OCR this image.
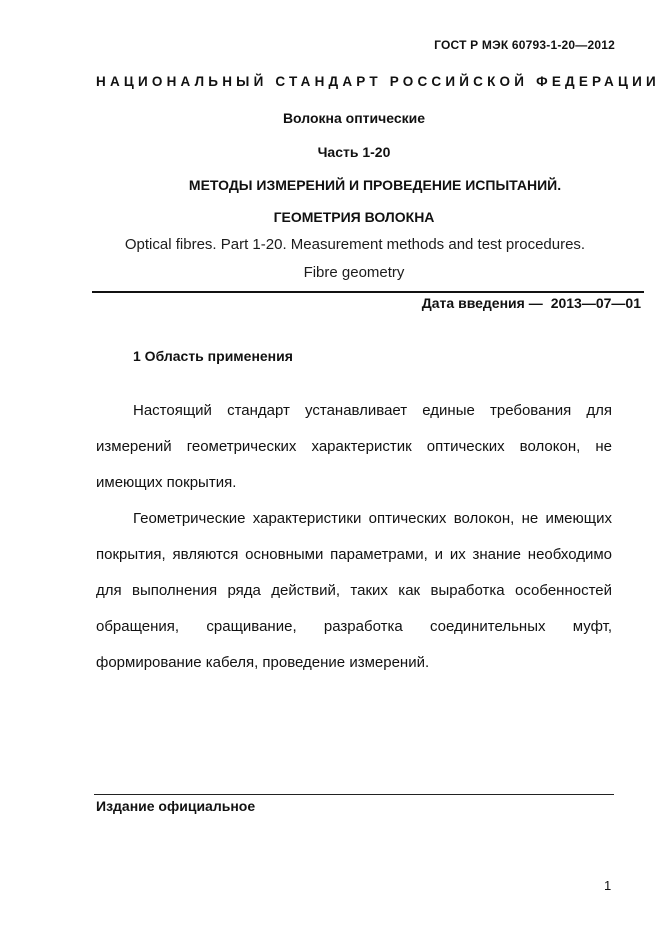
ГОСТ Р МЭК 60793-1-20—2012
НАЦИОНАЛЬНЫЙ СТАНДАРТ РОССИЙСКОЙ ФЕДЕРАЦИИ
Волокна оптические
Часть 1-20
МЕТОДЫ ИЗМЕРЕНИЙ И ПРОВЕДЕНИЕ ИСПЫТАНИЙ.
ГЕОМЕТРИЯ ВОЛОКНА
Optical fibres. Part 1-20. Measurement methods and test procedures.
Fibre geometry
Дата введения — 2013—07—01
1 Область применения

Настоящий стандарт устанавливает единые требования для измерений геометрических характеристик оптических волокон, не имеющих покрытия.

Геометрические характеристики оптических волокон, не имеющих покрытия, являются основными параметрами, и их знание необходимо для выполнения ряда действий, таких как выработка особенностей обращения, сращивание, разработка соединительных муфт, формирование кабеля, проведение измерений.

Издание официальное
1
